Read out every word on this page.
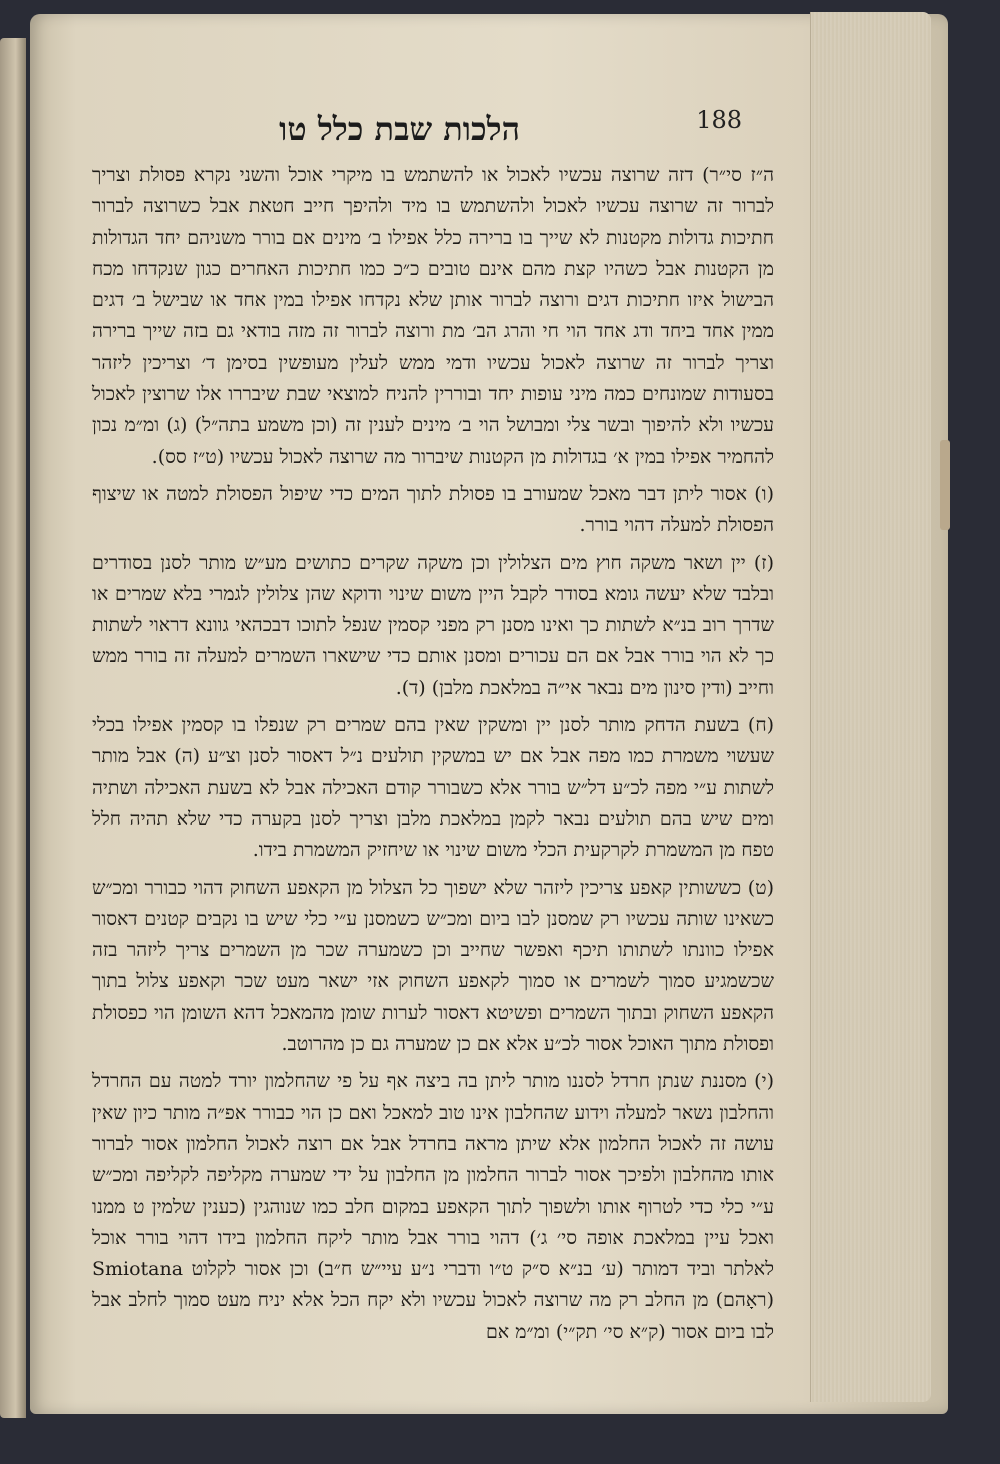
הלכות שבת כלל טו	188

ה״ז סי״ר) דזה שרוצה עכשיו לאכול או להשתמש בו מיקרי אוכל והשני נקרא פסולת וצריך לברור זה שרוצה עכשיו לאכול ולהשתמש בו מיד ולהיפך חייב חטאת אבל כשרוצה לברור חתיכות גדולות מקטנות לא שייך בו ברירה כלל אפילו ב׳ מינים אם בורר משניהם יחד הגדולות מן הקטנות אבל כשהיו קצת מהם אינם טובים כ״כ כמו חתיכות האחרים כגון שנקדחו מכח הבישול איזו חתיכות דגים ורוצה לברור אותן שלא נקדחו אפילו במין אחד או שבישל ב׳ דגים ממין אחד ביחד ודג אחד הוי חי והרג הב׳ מת ורוצה לברור זה מזה בודאי גם בזה שייך ברירה וצריך לברור זה שרוצה לאכול עכשיו ודמי ממש לעלין מעופשין בסימן ד׳ וצריכין ליזהר בסעודות שמונחים כמה מיני עופות יחד ובוררין להניח למוצאי שבת שיבררו אלו שרוצין לאכול עכשיו ולא להיפוך ובשר צלי ומבושל הוי ב׳ מינים לענין זה (וכן משמע בתה״ל) (ג) ומ״מ נכון להחמיר אפילו במין א׳ בגדולות מן הקטנות שיברור מה שרוצה לאכול עכשיו (ט״ז סס).

(ו) אסור ליתן דבר מאכל שמעורב בו פסולת לתוך המים כדי שיפול הפסולת למטה או שיצוף הפסולת למעלה דהוי בורר.

(ז) יין ושאר משקה חוץ מים הצלולין וכן משקה שקרים כתושים מע״ש מותר לסנן בסודרים ובלבד שלא יעשה גומא בסודר לקבל היין משום שינוי ודוקא שהן צלולין לגמרי בלא שמרים או שדרך רוב בנ״א לשתות כך ואינו מסנן רק מפני קסמין שנפל לתוכו דבכהאי גוונא דראוי לשתות כך לא הוי בורר אבל אם הם עכורים ומסנן אותם כדי שישארו השמרים למעלה זה בורר ממש וחייב (ודין סינון מים נבאר אי״ה במלאכת מלבן) (ד).

(ח) בשעת הדחק מותר לסנן יין ומשקין שאין בהם שמרים רק שנפלו בו קסמין אפילו בכלי שעשוי משמרת כמו מפה אבל אם יש במשקין תולעים נ״ל דאסור לסנן וצ״ע (ה) אבל מותר לשתות ע״י מפה לכ״ע דל״ש בורר אלא כשבורר קודם האכילה אבל לא בשעת האכילה ושתיה ומים שיש בהם תולעים נבאר לקמן במלאכת מלבן וצריך לסנן בקערה כדי שלא תהיה חלל טפח מן המשמרת לקרקעית הכלי משום שינוי או שיחזיק המשמרת בידו.

(ט) כששותין קאפע צריכין ליזהר שלא ישפוך כל הצלול מן הקאפע השחוק דהוי כבורר ומכ״ש כשאינו שותה עכשיו רק שמסנן לבו ביום ומכ״ש כשמסנן ע״י כלי שיש בו נקבים קטנים דאסור אפילו כוונתו לשתותו תיכף ואפשר שחייב וכן כשמערה שכר מן השמרים צריך ליזהר בזה שכשמגיע סמוך לשמרים או סמוך לקאפע השחוק אזי ישאר מעט שכר וקאפע צלול בתוך הקאפע השחוק ובתוך השמרים ופשיטא דאסור לערות שומן מהמאכל דהא השומן הוי כפסולת ופסולת מתוך האוכל אסור לכ״ע אלא אם כן שמערה גם כן מהרוטב.

(י) מסננת שנתן חרדל לסננו מותר ליתן בה ביצה אף על פי שהחלמון יורד למטה עם החרדל והחלבון נשאר למעלה וידוע שהחלבון אינו טוב למאכל ואם כן הוי כבורר אפ״ה מותר כיון שאין עושה זה לאכול החלמון אלא שיתן מראה בחרדל אבל אם רוצה לאכול החלמון אסור לברור אותו מהחלבון ולפיכך אסור לברור החלמון מן החלבון על ידי שמערה מקליפה לקליפה ומכ״ש ע״י כלי כדי לטרוף אותו ולשפוך לתוך הקאפע במקום חלב כמו שנוהגין (כענין שלמין ט ממנו ואכל עיין במלאכת אופה סי׳ ג׳) דהוי בורר אבל מותר ליקח החלמון בידו דהוי בורר אוכל לאלתר וביד דמותר (ע׳ בנ״א ס״ק ט״ו ודברי נ״ע עיי״ש ח״ב) וכן אסור לקלוט Smiotana (ראָהם) מן החלב רק מה שרוצה לאכול עכשיו ולא יקח הכל אלא יניח מעט סמוך לחלב אבל לבו ביום אסור (ק״א סי׳ תק״י) ומ״מ אם
